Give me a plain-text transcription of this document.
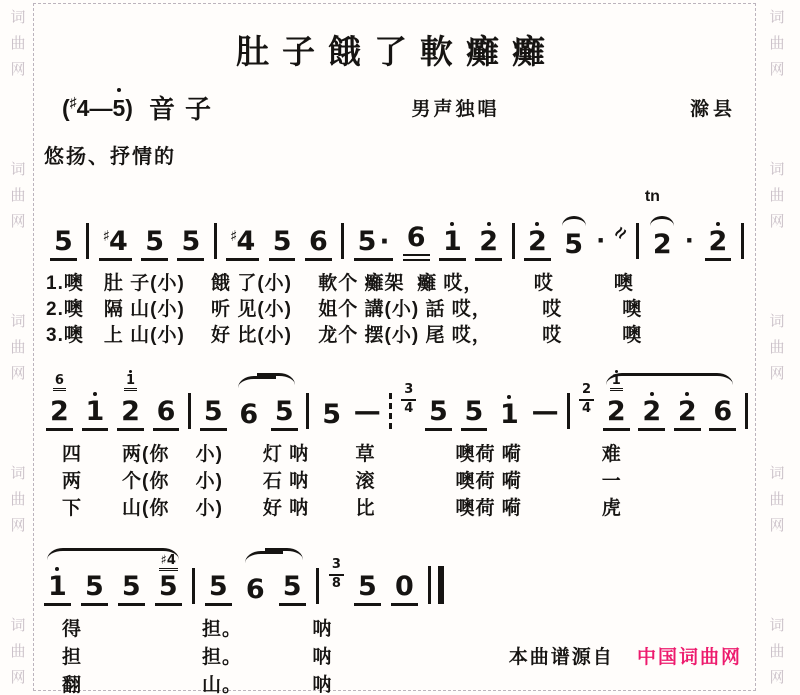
词
曲
网
词
曲
网
词
曲
网
词
曲
网
词
曲
网
词
曲
网
词
曲
网
词
曲
网
词
曲
网
词
曲
网
肚子餓了軟癱癱
(♯4—
5) 音子	男声独唱	滁县
悠扬、抒情的
5 ♯4 5 5 ♯4 5 6 5 · 6 1 2 2 5 · ≈
tn
2 · 2
1.噢　肚 子(小)　 餓 了(小)　 軟个 癱架  癱 哎，　　　哎　　　噢
2.噢　隔 山(小)　 听 见(小)　 姐个 講(小) 話 哎，　　　哎　　　噢
3.噢　上 山(小)　 好 比(小)　 龙个 摆(小) 尾 哎，　　　哎　　　噢
6
2 1
1
2 6 5 6 5 5 — $\frac{3}{4} 5$ 5 1 — $\frac{2}{4}$
1
2 2 2 6
四　　两(你　 小)　　灯 呐　　 草　　　　噢荷 嗬　　　　难
两　　个(你　 小)　　石 呐　　 滚　　　　噢荷 嗬　　　　一
下　　山(你　 小)　　好 呐　　 比　　　　噢荷 嗬　　　　虎
1 5 5
♯4
5 5 6 5	$\frac{3}{8} 5$ 0
得　　　　　　担。　　　　呐
担　　　　　　担。　　　　呐
翻　　　　　　山。　　　　呐
本曲谱源自 中国词曲网
